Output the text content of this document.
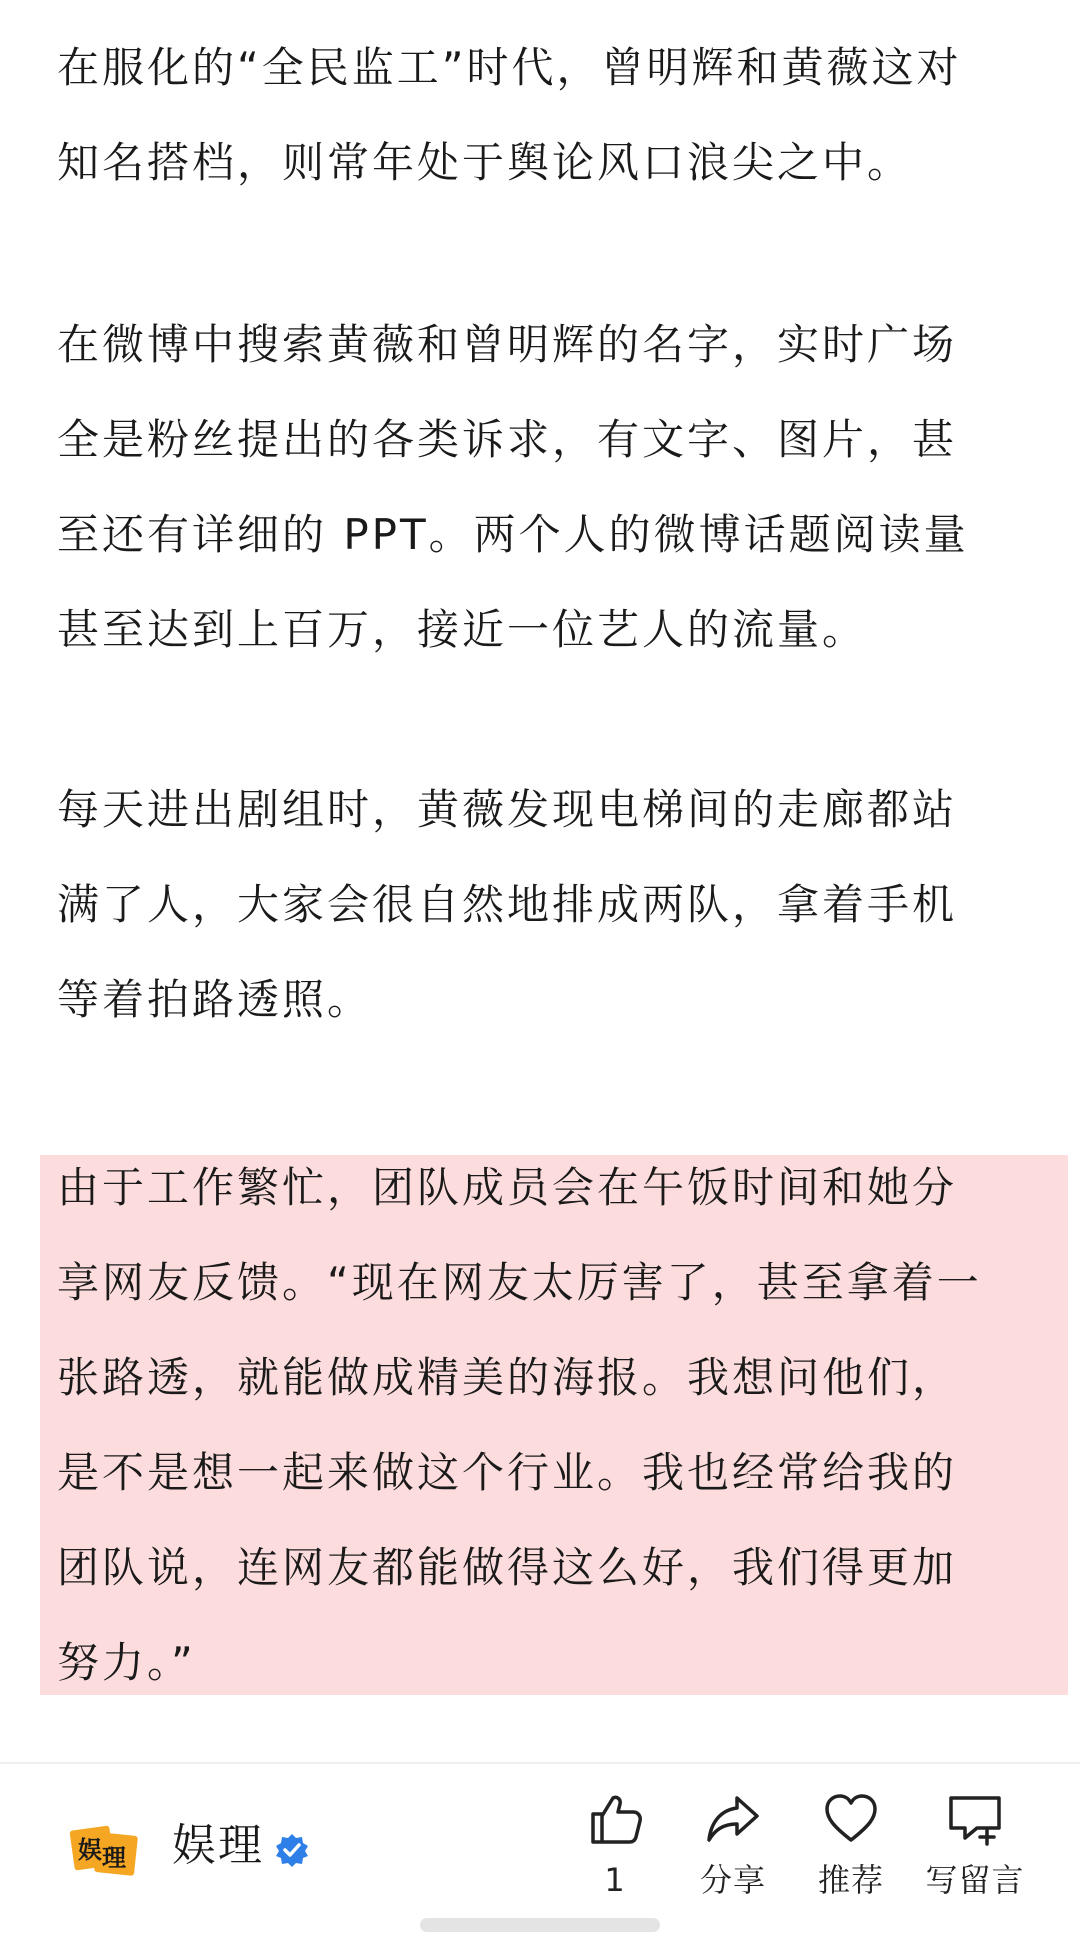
在服化的“全民监工”时代，曾明辉和黄薇这对
知名搭档，则常年处于舆论风口浪尖之中。
在微博中搜索黄薇和曾明辉的名字，实时广场
全是粉丝提出的各类诉求，有文字、图片，甚
至还有详细的 PPT。两个人的微博话题阅读量
甚至达到上百万，接近一位艺人的流量。
每天进出剧组时，黄薇发现电梯间的走廊都站
满了人，大家会很自然地排成两队，拿着手机
等着拍路透照。
由于工作繁忙，团队成员会在午饭时间和她分
享网友反馈。“现在网友太厉害了，甚至拿着一
张路透，就能做成精美的海报。我想问他们，
是不是想一起来做这个行业。我也经常给我的
团队说，连网友都能做得这么好，我们得更加
努力。”
娱 理 娱理
1	分享	推荐	写留言
